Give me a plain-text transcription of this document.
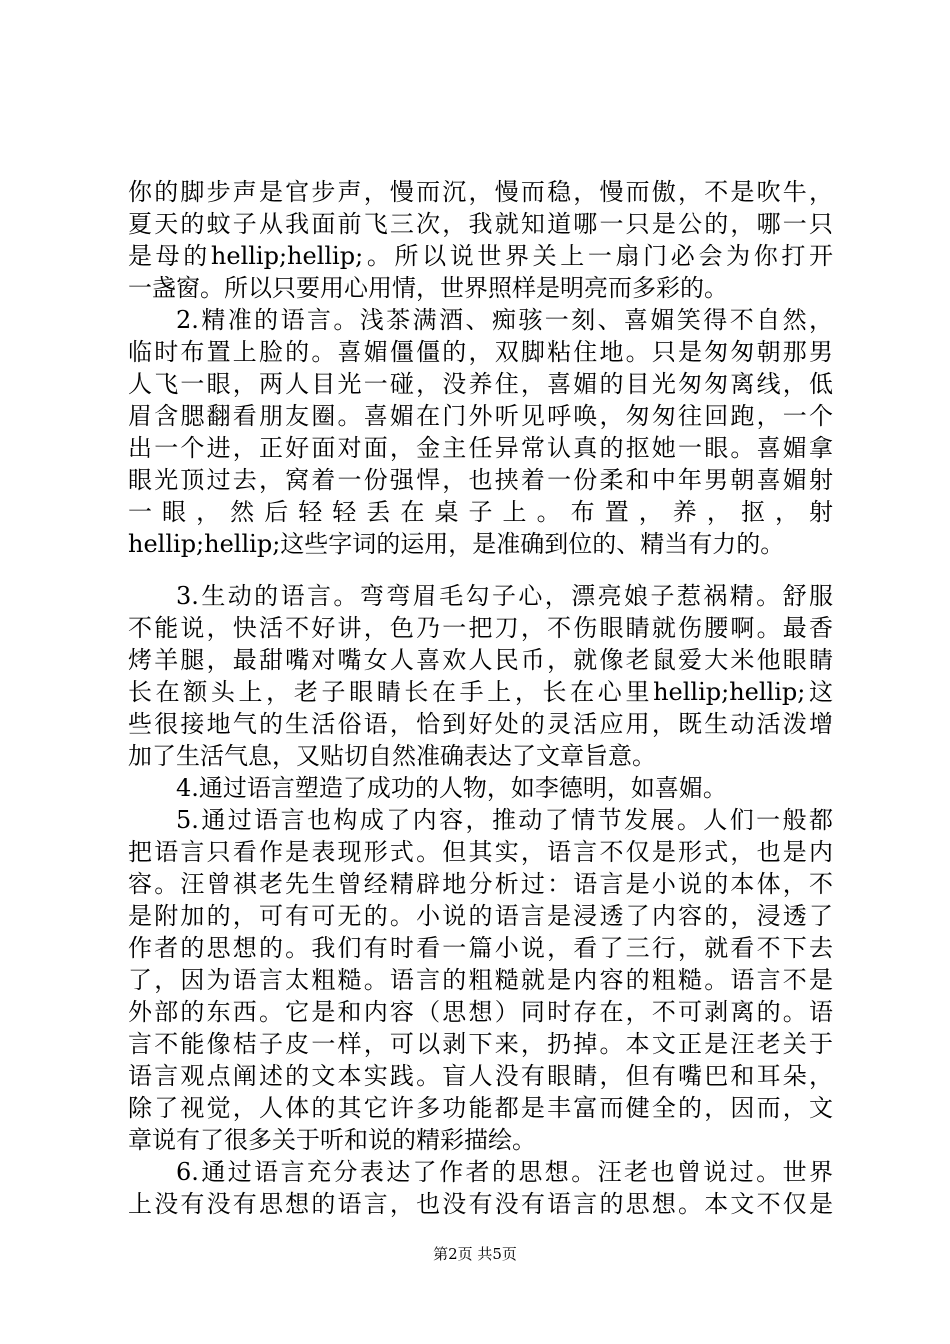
你的脚步声是官步声，慢而沉，慢而稳，慢而傲，不是吹牛，
夏天的蚊子从我面前飞三次，我就知道哪一只是公的，哪一只
是母的hellip;hellip;。所以说世界关上一扇门必会为你打开
一盏窗。所以只要用心用情，世界照样是明亮而多彩的。
2.精准的语言。浅茶满酒、痴骇一刻、喜媚笑得不自然，
临时布置上脸的。喜媚僵僵的，双脚粘住地。只是匆匆朝那男
人飞一眼，两人目光一碰，没养住，喜媚的目光匆匆离线，低
眉含腮翻看朋友圈。喜媚在门外听见呼唤，匆匆往回跑，一个
出一个进，正好面对面，金主任异常认真的抠她一眼。喜媚拿
眼光顶过去，窝着一份强悍，也挟着一份柔和中年男朝喜媚射
一眼，然后轻轻丢在桌子上。布置，养，抠，射
hellip;hellip;这些字词的运用，是准确到位的、精当有力的。
3.生动的语言。弯弯眉毛勾子心，漂亮娘子惹祸精。舒服
不能说，快活不好讲，色乃一把刀，不伤眼睛就伤腰啊。最香
烤羊腿，最甜嘴对嘴女人喜欢人民币，就像老鼠爱大米他眼睛
长在额头上，老子眼睛长在手上，长在心里hellip;hellip;这
些很接地气的生活俗语，恰到好处的灵活应用，既生动活泼增
加了生活气息，又贴切自然准确表达了文章旨意。
4.通过语言塑造了成功的人物，如李德明，如喜媚。
5.通过语言也构成了内容，推动了情节发展。人们一般都
把语言只看作是表现形式。但其实，语言不仅是形式，也是内
容。汪曾祺老先生曾经精辟地分析过：语言是小说的本体，不
是附加的，可有可无的。小说的语言是浸透了内容的，浸透了
作者的思想的。我们有时看一篇小说，看了三行，就看不下去
了，因为语言太粗糙。语言的粗糙就是内容的粗糙。语言不是
外部的东西。它是和内容（思想）同时存在，不可剥离的。语
言不能像桔子皮一样，可以剥下来，扔掉。本文正是汪老关于
语言观点阐述的文本实践。盲人没有眼睛，但有嘴巴和耳朵，
除了视觉，人体的其它许多功能都是丰富而健全的，因而，文
章说有了很多关于听和说的精彩描绘。
6.通过语言充分表达了作者的思想。汪老也曾说过。世界
上没有没有思想的语言，也没有没有语言的思想。本文不仅是
第2页 共5页
